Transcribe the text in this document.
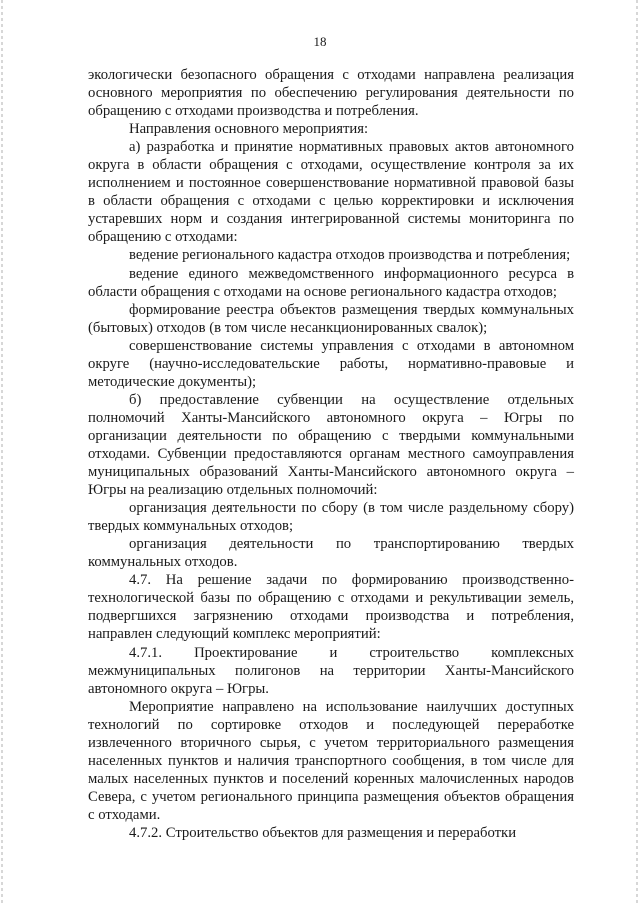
18

экологически безопасного обращения с отходами направлена реализация основного мероприятия по обеспечению регулирования деятельности по обращению с отходами производства и потребления.

Направления основного мероприятия:

а) разработка и принятие нормативных правовых актов автономного округа в области обращения с отходами, осуществление контроля за их исполнением и постоянное совершенствование нормативной правовой базы в области обращения с отходами с целью корректировки и исключения устаревших норм и создания интегрированной системы мониторинга по обращению с отходами:

ведение регионального кадастра отходов производства и потребления;

ведение единого межведомственного информационного ресурса в области обращения с отходами на основе регионального кадастра отходов;

формирование реестра объектов размещения твердых коммунальных (бытовых) отходов (в том числе несанкционированных свалок);

совершенствование системы управления с отходами в автономном округе (научно-исследовательские работы, нормативно-правовые и методические документы);

б) предоставление субвенции на осуществление отдельных полномочий Ханты-Мансийского автономного округа – Югры по организации деятельности по обращению с твердыми коммунальными отходами. Субвенции предоставляются органам местного самоуправления муниципальных образований Ханты-Мансийского автономного округа – Югры на реализацию отдельных полномочий:

организация деятельности по сбору (в том числе раздельному сбору) твердых коммунальных отходов;

организация деятельности по транспортированию твердых коммунальных отходов.

4.7. На решение задачи по формированию производственно-технологической базы по обращению с отходами и рекультивации земель, подвергшихся загрязнению отходами производства и потребления, направлен следующий комплекс мероприятий:

4.7.1. Проектирование и строительство комплексных межмуниципальных полигонов на территории Ханты-Мансийского автономного округа – Югры.

Мероприятие направлено на использование наилучших доступных технологий по сортировке отходов и последующей переработке извлеченного вторичного сырья, с учетом территориального размещения населенных пунктов и наличия транспортного сообщения, в том числе для малых населенных пунктов и поселений коренных малочисленных народов Севера, с учетом регионального принципа размещения объектов обращения с отходами.

4.7.2. Строительство объектов для размещения и переработки
